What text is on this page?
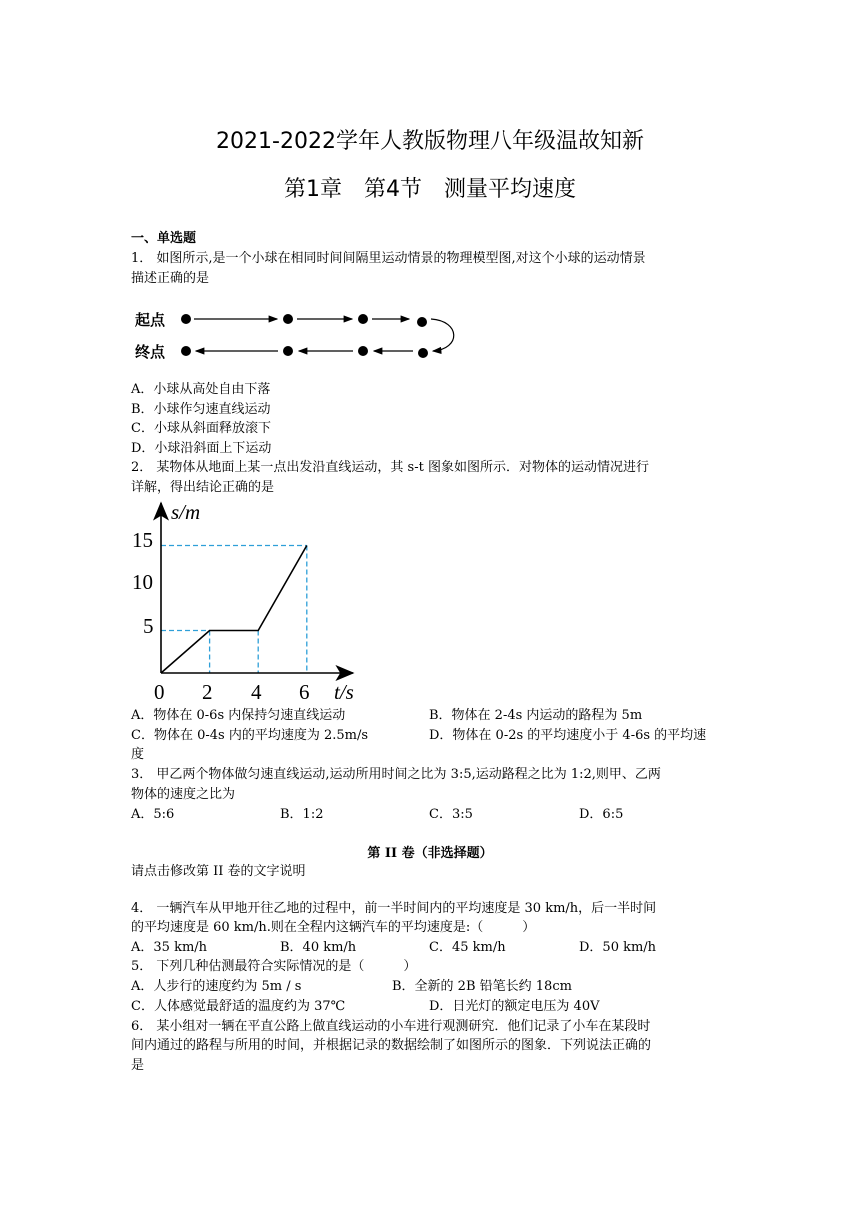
2021-2022学年人教版物理八年级温故知新
第1章　第4节　测量平均速度
一、单选题
1． 如图所示,是一个小球在相同时间间隔里运动情景的物理模型图,对这个小球的运动情景
描述正确的是
起点
终点
A．小球从高处自由下落
B．小球作匀速直线运动
C．小球从斜面释放滚下
D．小球沿斜面上下运动
2． 某物体从地面上某一点出发沿直线运动，其 s-t 图象如图所示．对物体的运动情况进行
详解，得出结论正确的是
s/m
t/s
0 2 4 6
5
10
15
A．物体在 0-6s 内保持匀速直线运动	B．物体在 2-4s 内运动的路程为 5m
C．物体在 0-4s 内的平均速度为 2.5m/s	D．物体在 0-2s 的平均速度小于 4-6s 的平均速
度
3． 甲乙两个物体做匀速直线运动,运动所用时间之比为 3:5,运动路程之比为 1:2,则甲、乙两
物体的速度之比为
A．5:6	B．1:2	C．3:5	D．6:5
第 II 卷（非选择题）
请点击修改第 II 卷的文字说明
4． 一辆汽车从甲地开往乙地的过程中，前一半时间内的平均速度是 30 km/h，后一半时间
的平均速度是 60 km/h.则在全程内这辆汽车的平均速度是:（　　　）
A．35 km/h	B．40 km/h	C．45 km/h	D．50 km/h
5． 下列几种估测最符合实际情况的是（　　　）
A．人步行的速度约为 5m / s	B．全新的 2B 铅笔长约 18cm
C．人体感觉最舒适的温度约为 37℃	D．日光灯的额定电压为 40V
6． 某小组对一辆在平直公路上做直线运动的小车进行观测研究．他们记录了小车在某段时
间内通过的路程与所用的时间，并根据记录的数据绘制了如图所示的图象．下列说法正确的
是
